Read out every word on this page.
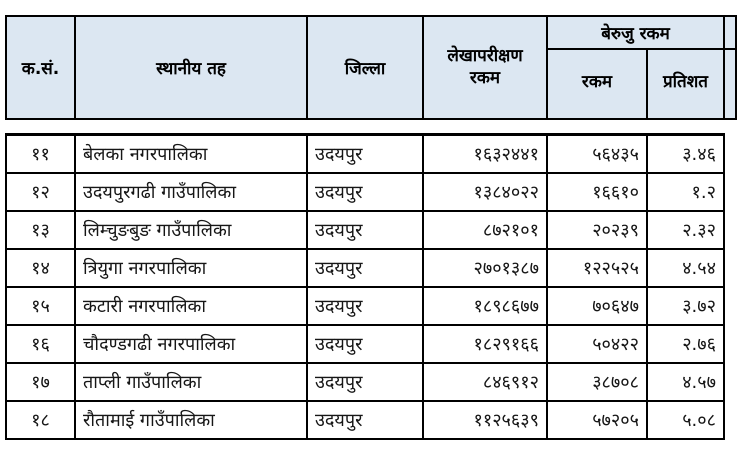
क.सं.	स्थानीय तह	जिल्ला	लेखापरीक्षण रकम	बेरुजु रकम		
				रकम	प्रतिशत	
११	बेलका नगरपालिका	उदयपुर	१६३२४४१	५६४३५	३.४६
१२	उदयपुरगढी गाउँपालिका	उदयपुर	१३८४०२२	१६६१०	१.२
१३	लिम्चुङबुङ गाउँपालिका	उदयपुर	८७२१०१	२०२३९	२.३२
१४	त्रियुगा नगरपालिका	उदयपुर	२७०१३८७	१२२५२५	४.५४
१५	कटारी नगरपालिका	उदयपुर	१८९८६७७	७०६४७	३.७२
१६	चौदण्डगढी नगरपालिका	उदयपुर	१८२९१६६	५०४२२	२.७६
१७	ताप्ली गाउँपालिका	उदयपुर	८४६९१२	३८७०८	४.५७
१८	रौतामाई गाउँपालिका	उदयपुर	११२५६३९	५७२०५	५.०८
